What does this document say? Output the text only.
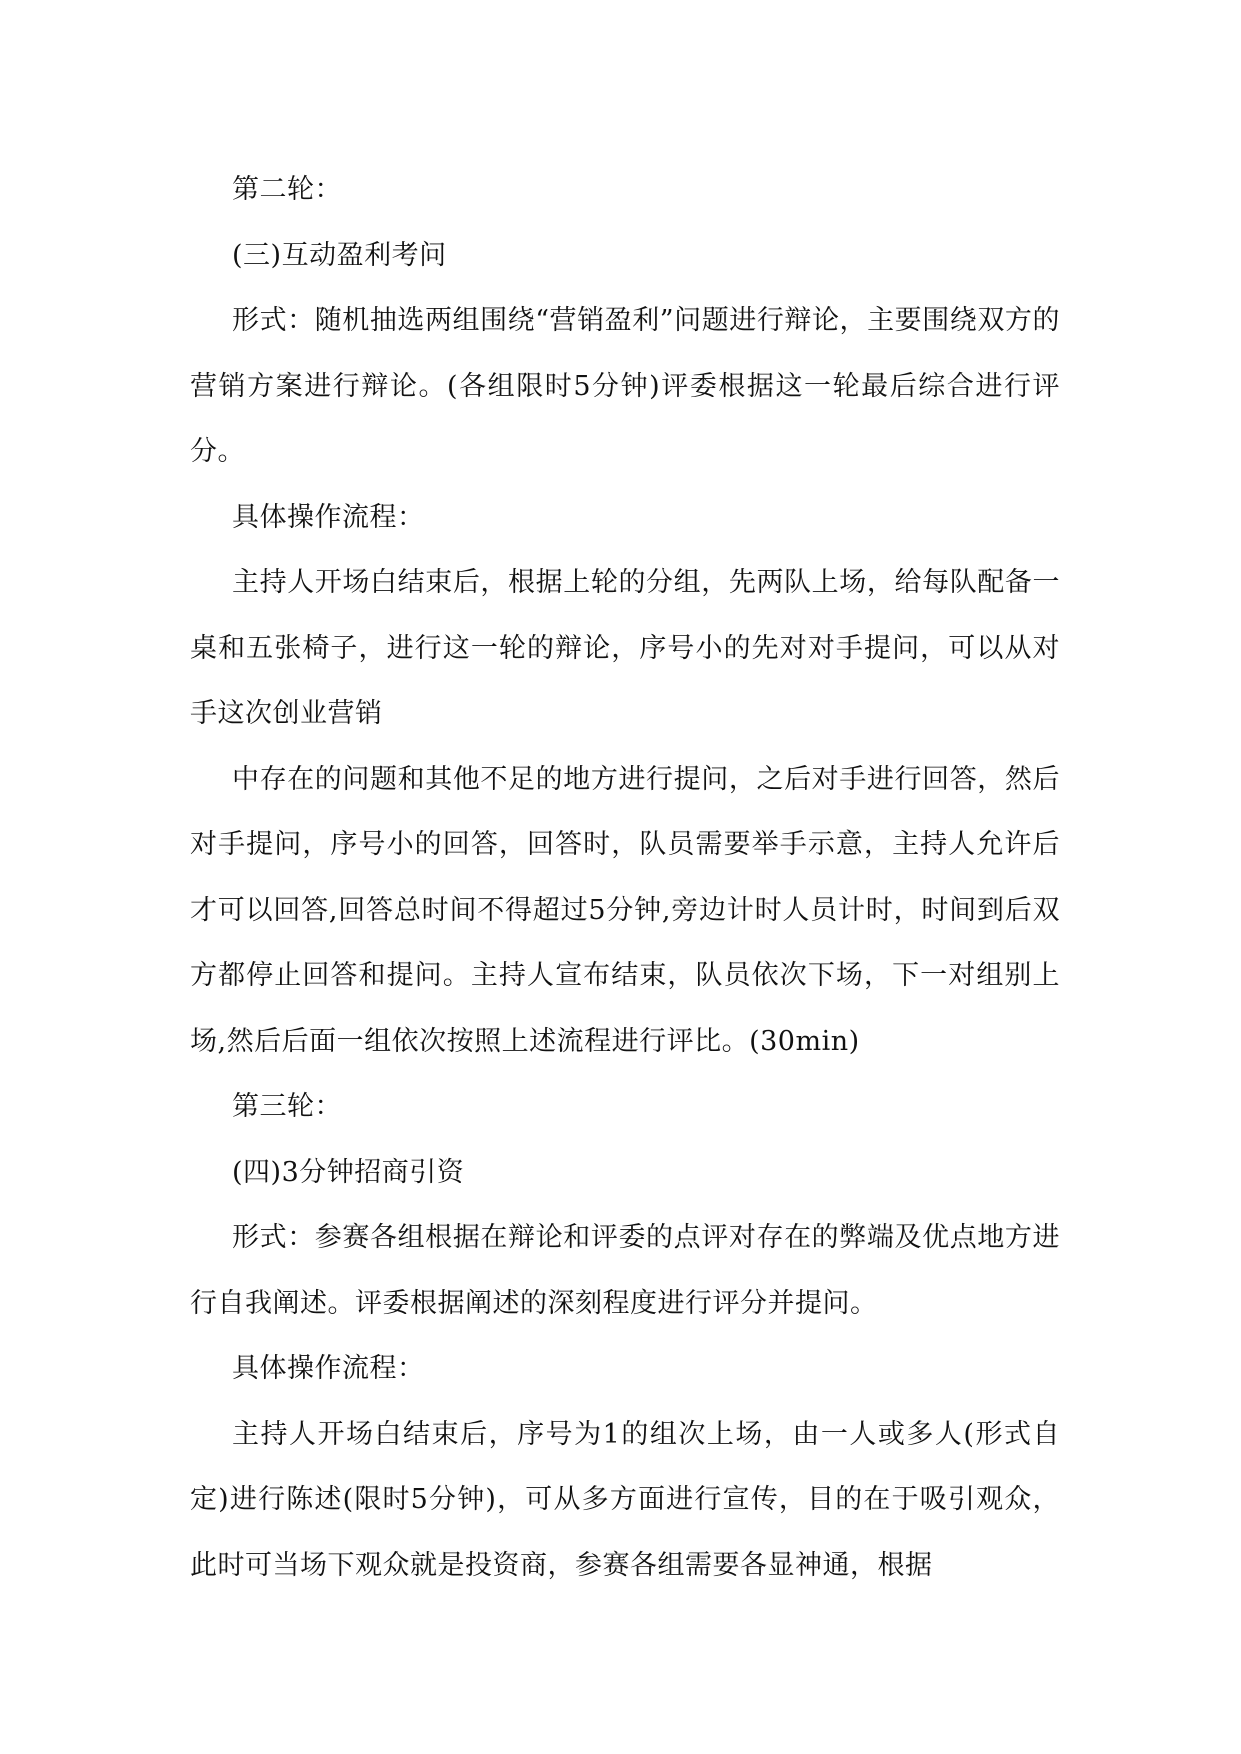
第二轮：

(三)互动盈利考问

形式：随机抽选两组围绕“营销盈利”问题进行辩论，主要围绕双方的营销方案进行辩论。(各组限时5分钟)评委根据这一轮最后综合进行评分。

具体操作流程：

主持人开场白结束后，根据上轮的分组，先两队上场，给每队配备一桌和五张椅子，进行这一轮的辩论，序号小的先对对手提问，可以从对手这次创业营销

中存在的问题和其他不足的地方进行提问，之后对手进行回答，然后对手提问，序号小的回答，回答时，队员需要举手示意，主持人允许后才可以回答,回答总时间不得超过5分钟,旁边计时人员计时，时间到后双方都停止回答和提问。主持人宣布结束，队员依次下场，下一对组别上场,然后后面一组依次按照上述流程进行评比。(30min)

第三轮：

(四)3分钟招商引资

形式：参赛各组根据在辩论和评委的点评对存在的弊端及优点地方进行自我阐述。评委根据阐述的深刻程度进行评分并提问。

具体操作流程：

主持人开场白结束后，序号为1的组次上场，由一人或多人(形式自定)进行陈述(限时5分钟)，可从多方面进行宣传，目的在于吸引观众，此时可当场下观众就是投资商，参赛各组需要各显神通，根据
